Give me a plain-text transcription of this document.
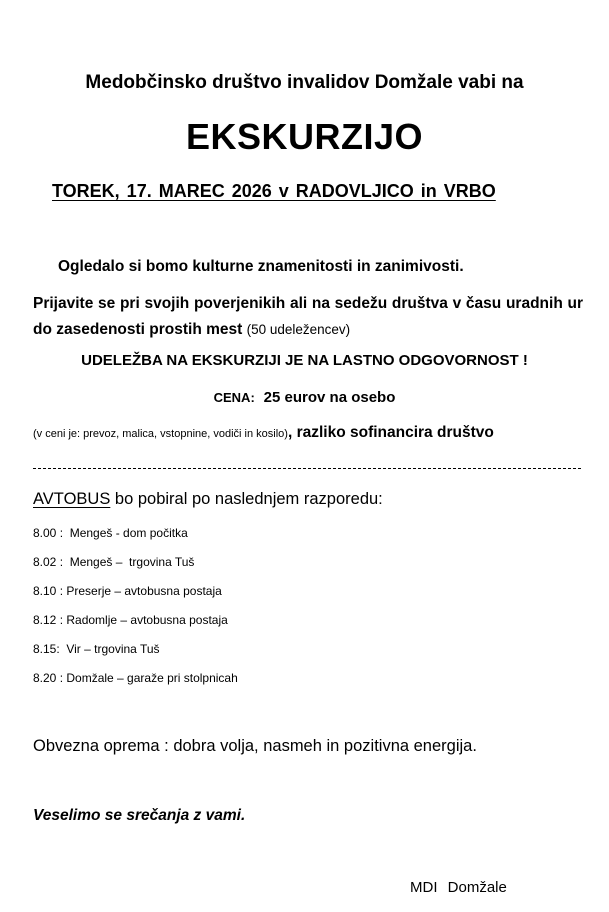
Medobčinsko društvo invalidov Domžale vabi na
EKSKURZIJO
TOREK, 17. MAREC 2026 v RADOVLJICO in VRBO
Ogledalo si bomo kulturne znamenitosti in zanimivosti.
Prijavite se pri svojih poverjenikih ali na sedežu društva v času uradnih ur do zasedenosti prostih mest (50 udeležencev)
UDELEŽBA NA EKSKURZIJI JE NA LASTNO ODGOVORNOST !
CENA: 25 eurov na osebo
(v ceni je: prevoz, malica, vstopnine, vodiči in kosilo), razliko sofinancira društvo
AVTOBUS bo pobiral po naslednjem razporedu:
8.00 :  Mengeš - dom počitka
8.02 :  Mengeš –  trgovina Tuš
8.10 : Preserje – avtobusna postaja
8.12 : Radomlje – avtobusna postaja
8.15:  Vir – trgovina Tuš
8.20 : Domžale – garaže pri stolpnicah
Obvezna oprema : dobra volja, nasmeh in pozitivna energija.
Veselimo se srečanja z vami.
MDI Domžale
